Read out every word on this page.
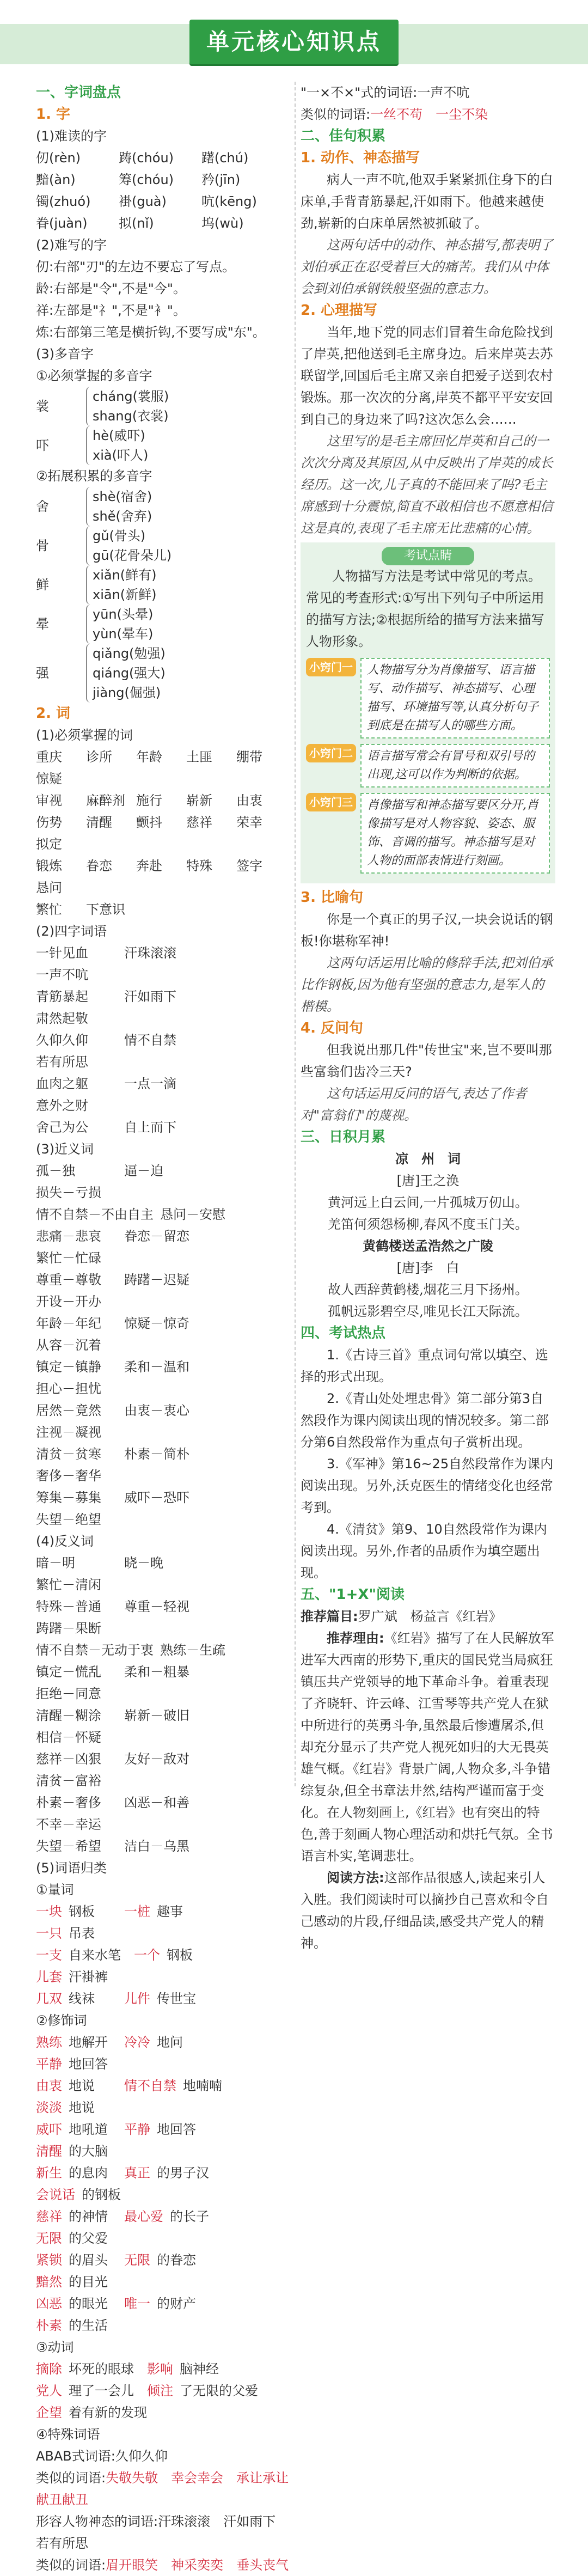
单元核心知识点
一、字词盘点
1. 字
(1)难读的字
仞(rèn)	踌(chóu)	躇(chú)
黯(àn)	筹(chóu)	矜(jīn)
镯(zhuó)	褂(guà)	吭(kēng)
眷(juàn)	拟(nǐ)	坞(wù)
(2)难写的字
仞:右部"刃"的左边不要忘了写点。
龄:右部是"令",不是"今"。
祥:左部是"礻",不是"衤"。
炼:右部第三笔是横折钩,不要写成"东"。
(3)多音字
①必须掌握的多音字
裳
cháng(裳服)
shang(衣裳)
吓
hè(威吓)
xià(吓人)
②拓展积累的多音字
舍
shè(宿舍)
shě(舍弃)
骨
gǔ(骨头)
gū(花骨朵儿)
鲜
xiǎn(鲜有)
xiān(新鲜)
晕
yūn(头晕)
yùn(晕车)
强
qiǎng(勉强)
qiáng(强大)
jiàng(倔强)
2. 词
(1)必须掌握的词
重庆	诊所	年龄	土匪	绷带
惊疑
审视	麻醉剂 施行	崭新	由衷
伤势	清醒	颤抖	慈祥	荣幸
拟定
锻炼	眷恋	奔赴	特殊	签字
恳问
繁忙	下意识
(2)四字词语
一针见血	汗珠滚滚
一声不吭
青筋暴起	汗如雨下
肃然起敬
久仰久仰	情不自禁
若有所思
血肉之躯	一点一滴
意外之财
舍己为公	自上而下
(3)近义词
孤－独	逼－迫
损失－亏损
情不自禁－不由自主 恳问－安慰
悲痛－悲哀	眷恋－留恋
繁忙－忙碌
尊重－尊敬	踌躇－迟疑
开设－开办
年龄－年纪	惊疑－惊奇
从容－沉着
镇定－镇静	柔和－温和
担心－担忧
居然－竟然	由衷－衷心
注视－凝视
清贫－贫寒	朴素－简朴
奢侈－奢华
筹集－募集	威吓－恐吓
失望－绝望
(4)反义词
暗－明	晓－晚
繁忙－清闲
特殊－普通	尊重－轻视
踌躇－果断
情不自禁－无动于衷 熟练－生疏
镇定－慌乱	柔和－粗暴
拒绝－同意
清醒－糊涂	崭新－破旧
相信－怀疑
慈祥－凶狠	友好－敌对
清贫－富裕
朴素－奢侈	凶恶－和善
不幸－幸运
失望－希望	洁白－乌黑
(5)词语归类
①量词
一块 钢板	一桩 趣事
一只 吊表
一支 自来水笔	一个 钢板
儿套 汗褂裤
几双 线袜	儿件 传世宝
②修饰词
熟练 地解开	冷冷 地问
平静 地回答
由衷 地说	情不自禁 地喃喃
淡淡 地说
威吓 地吼道	平静 地回答
清醒 的大脑
新生 的息肉	真正 的男子汉
会说话 的钢板
慈祥 的神情	最心爱 的长子
无限 的父爱
紧锁 的眉头	无限 的眷恋
黯然 的目光
凶恶 的眼光	唯一 的财产
朴素 的生活
③动词
摘除 坏死的眼球	影响 脑神经
党人 理了一会儿	倾注 了无限的父爱
企望 着有新的发现
④特殊词语
ABAB式词语:久仰久仰
类似的词语:失敬失敬　 幸会幸会　 承让承让　献丑献丑　
形容人物神态的词语:汗珠滚滚　汗如雨下　若有所思
类似的词语:眉开眼笑　 神采奕奕　 垂头丧气　
"一×不×"式的词语:一声不吭
类似的词语:一丝不苟　 一尘不染　
二、佳句积累
1. 动作、神态描写
病人一声不吭,他双手紧紧抓住身下的白床单,手背青筋暴起,汗如雨下。他越来越使劲,崭新的白床单居然被抓破了。
这两句话中的动作、神态描写,都表明了刘伯承正在忍受着巨大的痛苦。我们从中体会到刘伯承钢铁般坚强的意志力。
2. 心理描写
当年,地下党的同志们冒着生命危险找到了岸英,把他送到毛主席身边。后来岸英去苏联留学,回国后毛主席又亲自把爱子送到农村锻炼。那一次次的分离,岸英不都平平安安回到自己的身边来了吗?这次怎么会……
这里写的是毛主席回忆岸英和自己的一次次分离及其原因,从中反映出了岸英的成长经历。这一次,儿子真的不能回来了吗?毛主席感到十分震惊,简直不敢相信也不愿意相信这是真的,表现了毛主席无比悲痛的心情。
考试点睛
人物描写方法是考试中常见的考点。常见的考查形式:①写出下列句子中所运用的描写方法;②根据所给的描写方法来描写人物形象。
小窍门一	人物描写分为肖像描写、语言描写、动作描写、神态描写、心理描写、环境描写等,认真分析句子到底是在描写人的哪些方面。
小窍门二	语言描写常会有冒号和双引号的出现,这可以作为判断的依据。
小窍门三	肖像描写和神态描写要区分开,肖像描写是对人物容貌、姿态、服饰、音调的描写。神态描写是对人物的面部表情进行刻画。
3. 比喻句
你是一个真正的男子汉,一块会说话的钢板!你堪称军神!
这两句话运用比喻的修辞手法,把刘伯承比作钢板,因为他有坚强的意志力,是军人的楷模。
4. 反问句
但我说出那几件"传世宝"来,岂不要叫那些富翁们齿冷三天?
这句话运用反问的语气,表达了作者对"富翁们"的蔑视。
三、日积月累
凉　州　词
[唐]王之涣
黄河远上白云间,一片孤城万仞山。
羌笛何须怨杨柳,春风不度玉门关。
黄鹤楼送孟浩然之广陵
[唐]李　白
故人西辞黄鹤楼,烟花三月下扬州。
孤帆远影碧空尽,唯见长江天际流。
四、考试热点
1.《古诗三首》重点词句常以填空、选择的形式出现。
2.《青山处处埋忠骨》第二部分第3自然段作为课内阅读出现的情况较多。第二部分第6自然段常作为重点句子赏析出现。
3.《军神》第16~25自然段常作为课内阅读出现。另外,沃克医生的情绪变化也经常考到。
4.《清贫》第9、10自然段常作为课内阅读出现。另外,作者的品质作为填空题出现。
五、"1+X"阅读
推荐篇目:罗广斌　杨益言《红岩》
推荐理由:《红岩》描写了在人民解放军进军大西南的形势下,重庆的国民党当局疯狂镇压共产党领导的地下革命斗争。着重表现了齐晓轩、许云峰、江雪琴等共产党人在狱中所进行的英勇斗争,虽然最后惨遭屠杀,但却充分显示了共产党人视死如归的大无畏英雄气概。《红岩》背景广阔,人物众多,斗争错综复杂,但全书章法井然,结构严谨而富于变化。在人物刻画上,《红岩》也有突出的特色,善于刻画人物心理活动和烘托气氛。全书语言朴实,笔调悲壮。
阅读方法:这部作品很感人,读起来引人入胜。我们阅读时可以摘抄自己喜欢和令自己感动的片段,仔细品读,感受共产党人的精神。
